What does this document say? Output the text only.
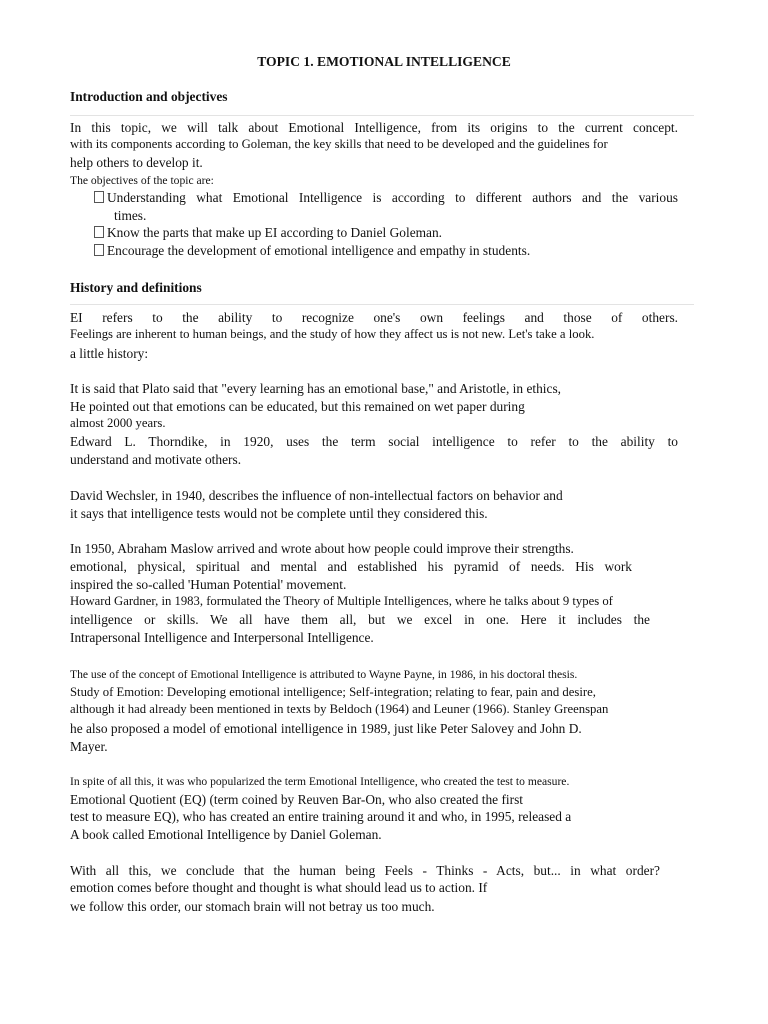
TOPIC 1. EMOTIONAL INTELLIGENCE
Introduction and objectives

In this topic, we will talk about Emotional Intelligence, from its origins to the current concept.

with its components according to Goleman, the key skills that need to be developed and the guidelines for

help others to develop it.

The objectives of the topic are:

Understanding what Emotional Intelligence is according to different authors and the various

times.

Know the parts that make up EI according to Daniel Goleman.

Encourage the development of emotional intelligence and empathy in students.

History and definitions

EI refers to the ability to recognize one's own feelings and those of others.

Feelings are inherent to human beings, and the study of how they affect us is not new. Let's take a look.

a little history:

It is said that Plato said that "every learning has an emotional base," and Aristotle, in ethics,

He pointed out that emotions can be educated, but this remained on wet paper during

almost 2000 years.

Edward L. Thorndike, in 1920, uses the term social intelligence to refer to the ability to

understand and motivate others.

David Wechsler, in 1940, describes the influence of non-intellectual factors on behavior and

it says that intelligence tests would not be complete until they considered this.

In 1950, Abraham Maslow arrived and wrote about how people could improve their strengths.

emotional, physical, spiritual and mental and established his pyramid of needs. His work

inspired the so-called 'Human Potential' movement.

Howard Gardner, in 1983, formulated the Theory of Multiple Intelligences, where he talks about 9 types of

intelligence or skills. We all have them all, but we excel in one. Here it includes the

Intrapersonal Intelligence and Interpersonal Intelligence.

The use of the concept of Emotional Intelligence is attributed to Wayne Payne, in 1986, in his doctoral thesis.

Study of Emotion: Developing emotional intelligence; Self-integration; relating to fear, pain and desire,

although it had already been mentioned in texts by Beldoch (1964) and Leuner (1966). Stanley Greenspan

he also proposed a model of emotional intelligence in 1989, just like Peter Salovey and John D.

Mayer.

In spite of all this, it was who popularized the term Emotional Intelligence, who created the test to measure.

Emotional Quotient (EQ) (term coined by Reuven Bar-On, who also created the first

test to measure EQ), who has created an entire training around it and who, in 1995, released a

A book called Emotional Intelligence by Daniel Goleman.

With all this, we conclude that the human being Feels - Thinks - Acts, but... in what order?

emotion comes before thought and thought is what should lead us to action. If

we follow this order, our stomach brain will not betray us too much.
